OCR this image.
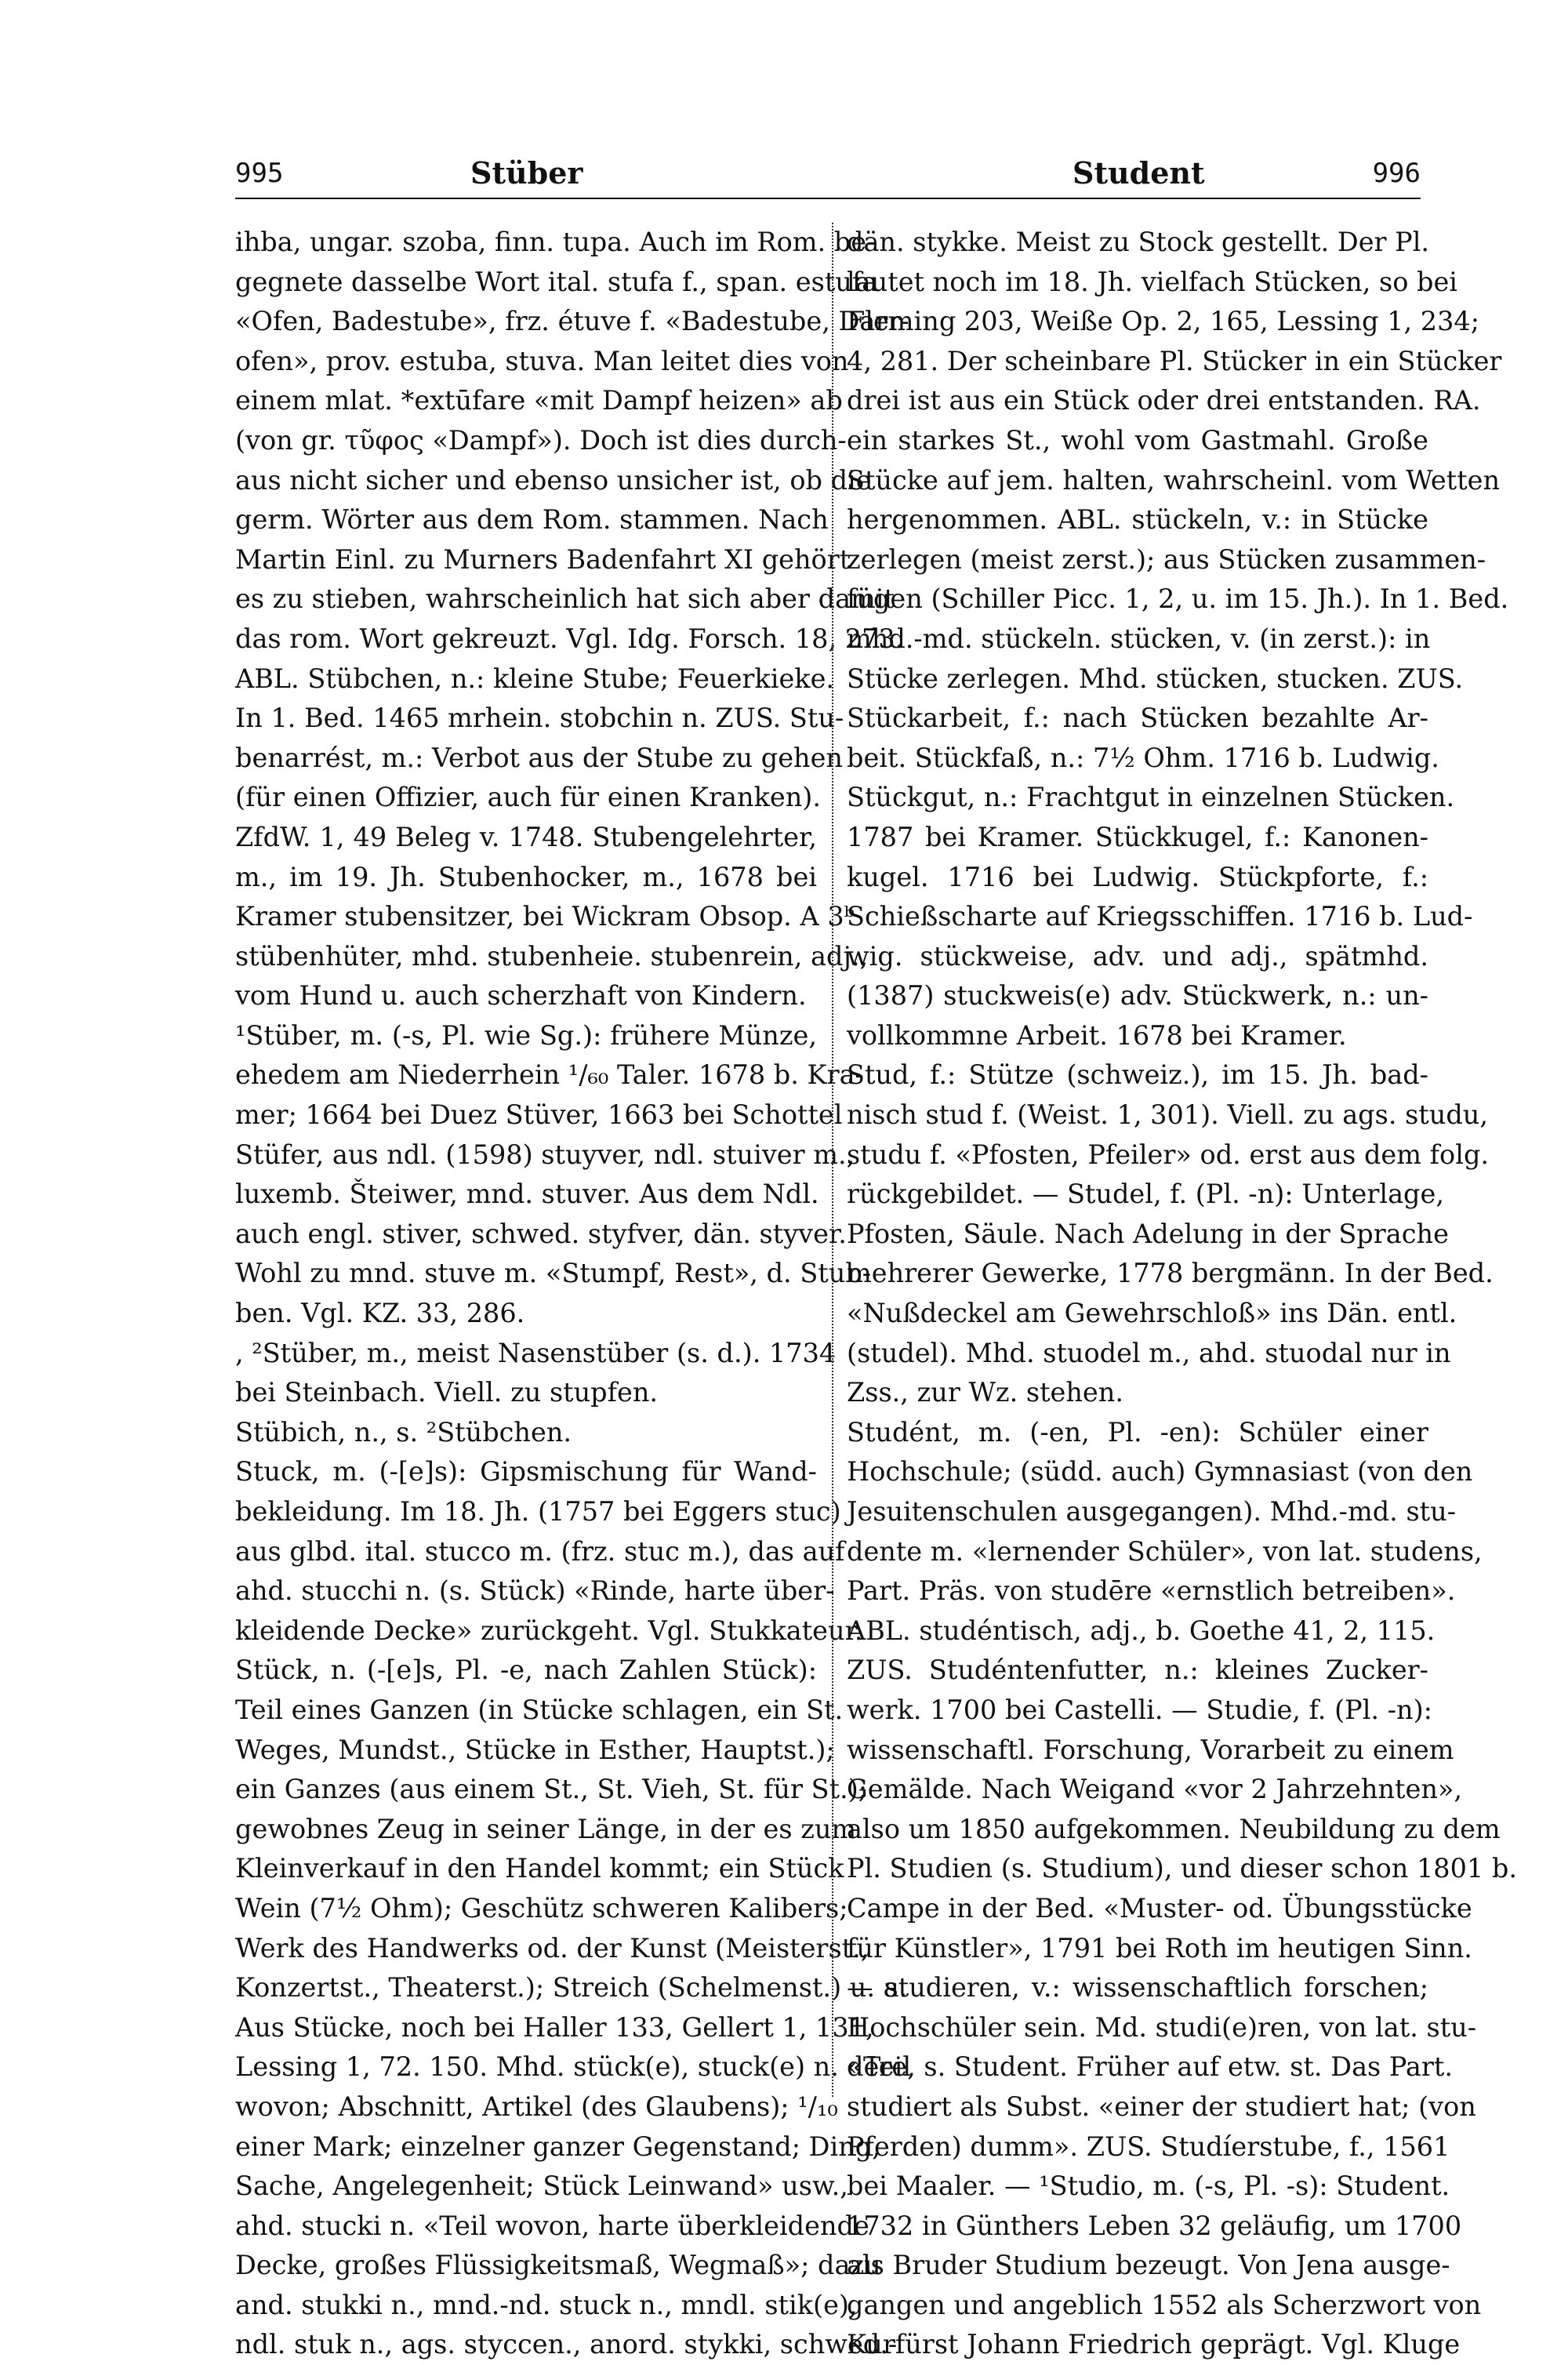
995	Stüber	Student	996
ihba, ungar. szoba, finn. tupa. Auch im Rom. be-
gegnete dasselbe Wort ital. stufa f., span. estufa
«Ofen, Badestube», frz. étuve f. «Badestube, Darr-
ofen», prov. estuba, stuva. Man leitet dies von
einem mlat. *extūfare «mit Dampf heizen» ab
(von gr. τῦφος «Dampf»). Doch ist dies durch-
aus nicht sicher und ebenso unsicher ist, ob die
germ. Wörter aus dem Rom. stammen. Nach
Martin Einl. zu Murners Badenfahrt XI gehört
es zu stieben, wahrscheinlich hat sich aber damit
das rom. Wort gekreuzt. Vgl. Idg. Forsch. 18, 273.
ABL. Stübchen, n.: kleine Stube; Feuerkieke.
In 1. Bed. 1465 mrhein. stobchin n. ZUS. Stu-
benarrést, m.: Verbot aus der Stube zu gehen
(für einen Offizier, auch für einen Kranken).
ZfdW. 1, 49 Beleg v. 1748. Stubengelehrter,
m., im 19. Jh. Stubenhocker, m., 1678 bei
Kramer stubensitzer, bei Wickram Obsop. A 3ᵇ
stübenhüter, mhd. stubenheie. stubenrein, adj.,
vom Hund u. auch scherzhaft von Kindern.
¹Stüber, m. (-s, Pl. wie Sg.): frühere Münze,
ehedem am Niederrhein ¹/₆₀ Taler. 1678 b. Kra-
mer; 1664 bei Duez Stüver, 1663 bei Schottel
Stüfer, aus ndl. (1598) stuyver, ndl. stuiver m.,
luxemb. Šteiwer, mnd. stuver. Aus dem Ndl.
auch engl. stiver, schwed. styfver, dän. styver.
Wohl zu mnd. stuve m. «Stumpf, Rest», d. Stub-
ben. Vgl. KZ. 33, 286.
, ²Stüber, m., meist Nasenstüber (s. d.). 1734
bei Steinbach. Viell. zu stupfen.
Stübich, n., s. ²Stübchen.
Stuck, m. (-[e]s): Gipsmischung für Wand-
bekleidung. Im 18. Jh. (1757 bei Eggers stuc)
aus glbd. ital. stucco m. (frz. stuc m.), das auf
ahd. stucchi n. (s. Stück) «Rinde, harte über-
kleidende Decke» zurückgeht. Vgl. Stukkateur.
Stück, n. (-[e]s, Pl. -e, nach Zahlen Stück):
Teil eines Ganzen (in Stücke schlagen, ein St.
Weges, Mundst., Stücke in Esther, Hauptst.);
ein Ganzes (aus einem St., St. Vieh, St. für St.);
gewobnes Zeug in seiner Länge, in der es zum
Kleinverkauf in den Handel kommt; ein Stück
Wein (7½ Ohm); Geschütz schweren Kalibers;
Werk des Handwerks od. der Kunst (Meisterst.,
Konzertst., Theaterst.); Streich (Schelmenst.) u. a.
Aus Stücke, noch bei Haller 133, Gellert 1, 131,
Lessing 1, 72. 150. Mhd. stück(e), stuck(e) n. «Teil
wovon; Abschnitt, Artikel (des Glaubens); ¹/₁₀
einer Mark; einzelner ganzer Gegenstand; Ding,
Sache, Angelegenheit; Stück Leinwand» usw.,
ahd. stucki n. «Teil wovon, harte überkleidende
Decke, großes Flüssigkeitsmaß, Wegmaß»; dazu
and. stukki n., mnd.-nd. stuck n., mndl. stik(e),
ndl. stuk n., ags. styccen., anord. stykki, schwed.-
dän. stykke. Meist zu Stock gestellt. Der Pl.
lautet noch im 18. Jh. vielfach Stücken, so bei
Fleming 203, Weiße Op. 2, 165, Lessing 1, 234;
4, 281. Der scheinbare Pl. Stücker in ein Stücker
drei ist aus ein Stück oder drei entstanden. RA.
ein starkes St., wohl vom Gastmahl. Große
Stücke auf jem. halten, wahrscheinl. vom Wetten
hergenommen. ABL. stückeln, v.: in Stücke
zerlegen (meist zerst.); aus Stücken zusammen-
fügen (Schiller Picc. 1, 2, u. im 15. Jh.). In 1. Bed.
mhd.-md. stückeln. stücken, v. (in zerst.): in
Stücke zerlegen. Mhd. stücken, stucken. ZUS.
Stückarbeit, f.: nach Stücken bezahlte Ar-
beit. Stückfaß, n.: 7½ Ohm. 1716 b. Ludwig.
Stückgut, n.: Frachtgut in einzelnen Stücken.
1787 bei Kramer. Stückkugel, f.: Kanonen-
kugel. 1716 bei Ludwig. Stückpforte, f.:
Schießscharte auf Kriegsschiffen. 1716 b. Lud-
wig. stückweise, adv. und adj., spätmhd.
(1387) stuckweis(e) adv. Stückwerk, n.: un-
vollkommne Arbeit. 1678 bei Kramer.
Stud, f.: Stütze (schweiz.), im 15. Jh. bad-
nisch stud f. (Weist. 1, 301). Viell. zu ags. studu,
studu f. «Pfosten, Pfeiler» od. erst aus dem folg.
rückgebildet. — Studel, f. (Pl. -n): Unterlage,
Pfosten, Säule. Nach Adelung in der Sprache
mehrerer Gewerke, 1778 bergmänn. In der Bed.
«Nußdeckel am Gewehrschloß» ins Dän. entl.
(studel). Mhd. stuodel m., ahd. stuodal nur in
Zss., zur Wz. stehen.
Studént, m. (-en, Pl. -en): Schüler einer
Hochschule; (südd. auch) Gymnasiast (von den
Jesuitenschulen ausgegangen). Mhd.-md. stu-
dente m. «lernender Schüler», von lat. studens,
Part. Präs. von studēre «ernstlich betreiben».
ABL. studéntisch, adj., b. Goethe 41, 2, 115.
ZUS. Studéntenfutter, n.: kleines Zucker-
werk. 1700 bei Castelli. — Studie, f. (Pl. -n):
wissenschaftl. Forschung, Vorarbeit zu einem
Gemälde. Nach Weigand «vor 2 Jahrzehnten»,
also um 1850 aufgekommen. Neubildung zu dem
Pl. Studien (s. Studium), und dieser schon 1801 b.
Campe in der Bed. «Muster- od. Übungsstücke
für Künstler», 1791 bei Roth im heutigen Sinn.
— studieren, v.: wissenschaftlich forschen;
Hochschüler sein. Md. studi(e)ren, von lat. stu-
dēre, s. Student. Früher auf etw. st. Das Part.
studiert als Subst. «einer der studiert hat; (von
Pferden) dumm». ZUS. Studíerstube, f., 1561
bei Maaler. — ¹Studio, m. (-s, Pl. -s): Student.
1732 in Günthers Leben 32 geläufig, um 1700
als Bruder Studium bezeugt. Von Jena ausge-
gangen und angeblich 1552 als Scherzwort von
Kurfürst Johann Friedrich geprägt. Vgl. Kluge
